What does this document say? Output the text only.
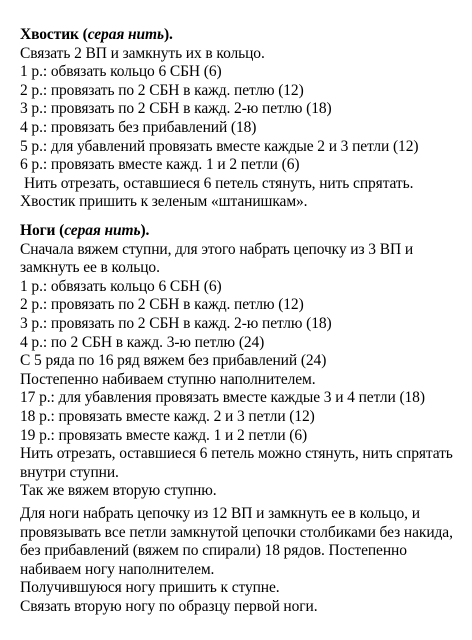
Хвостик (серая нить).
Связать 2 ВП и замкнуть их в кольцо.
1 р.: обвязать кольцо 6 СБН (6)
2 р.: провязать по 2 СБН в кажд. петлю (12)
3 р.: провязать по 2 СБН в кажд. 2-ю петлю (18)
4 р.: провязать без прибавлений (18)
5 р.: для убавлений провязать вместе каждые 2 и 3 петли (12)
6 р.: провязать вместе кажд. 1 и 2 петли (6)
Нить отрезать, оставшиеся 6 петель стянуть, нить спрятать.
Хвостик пришить к зеленым «штанишкам».
Ноги (серая нить).
Сначала вяжем ступни, для этого набрать цепочку из 3 ВП и
замкнуть ее в кольцо.
1 р.: обвязать кольцо 6 СБН (6)
2 р.: провязать по 2 СБН в кажд. петлю (12)
3 р.: провязать по 2 СБН в кажд. 2-ю петлю (18)
4 р.: по 2 СБН в кажд. 3-ю петлю (24)
С 5 ряда по 16 ряд вяжем без прибавлений (24)
Постепенно набиваем ступню наполнителем.
17 р.: для убавления провязать вместе каждые 3 и 4 петли (18)
18 р.: провязать вместе кажд. 2 и 3 петли (12)
19 р.: провязать вместе кажд. 1 и 2 петли (6)
Нить отрезать, оставшиеся 6 петель можно стянуть, нить спрятать
внутри ступни.
Так же вяжем вторую ступню.
Для ноги набрать цепочку из 12 ВП и замкнуть ее в кольцо, и
провязывать все петли замкнутой цепочки столбиками без накида,
без прибавлений (вяжем по спирали) 18 рядов. Постепенно
набиваем ногу наполнителем.
Получившуюся ногу пришить к ступне.
Связать вторую ногу по образцу первой ноги.
